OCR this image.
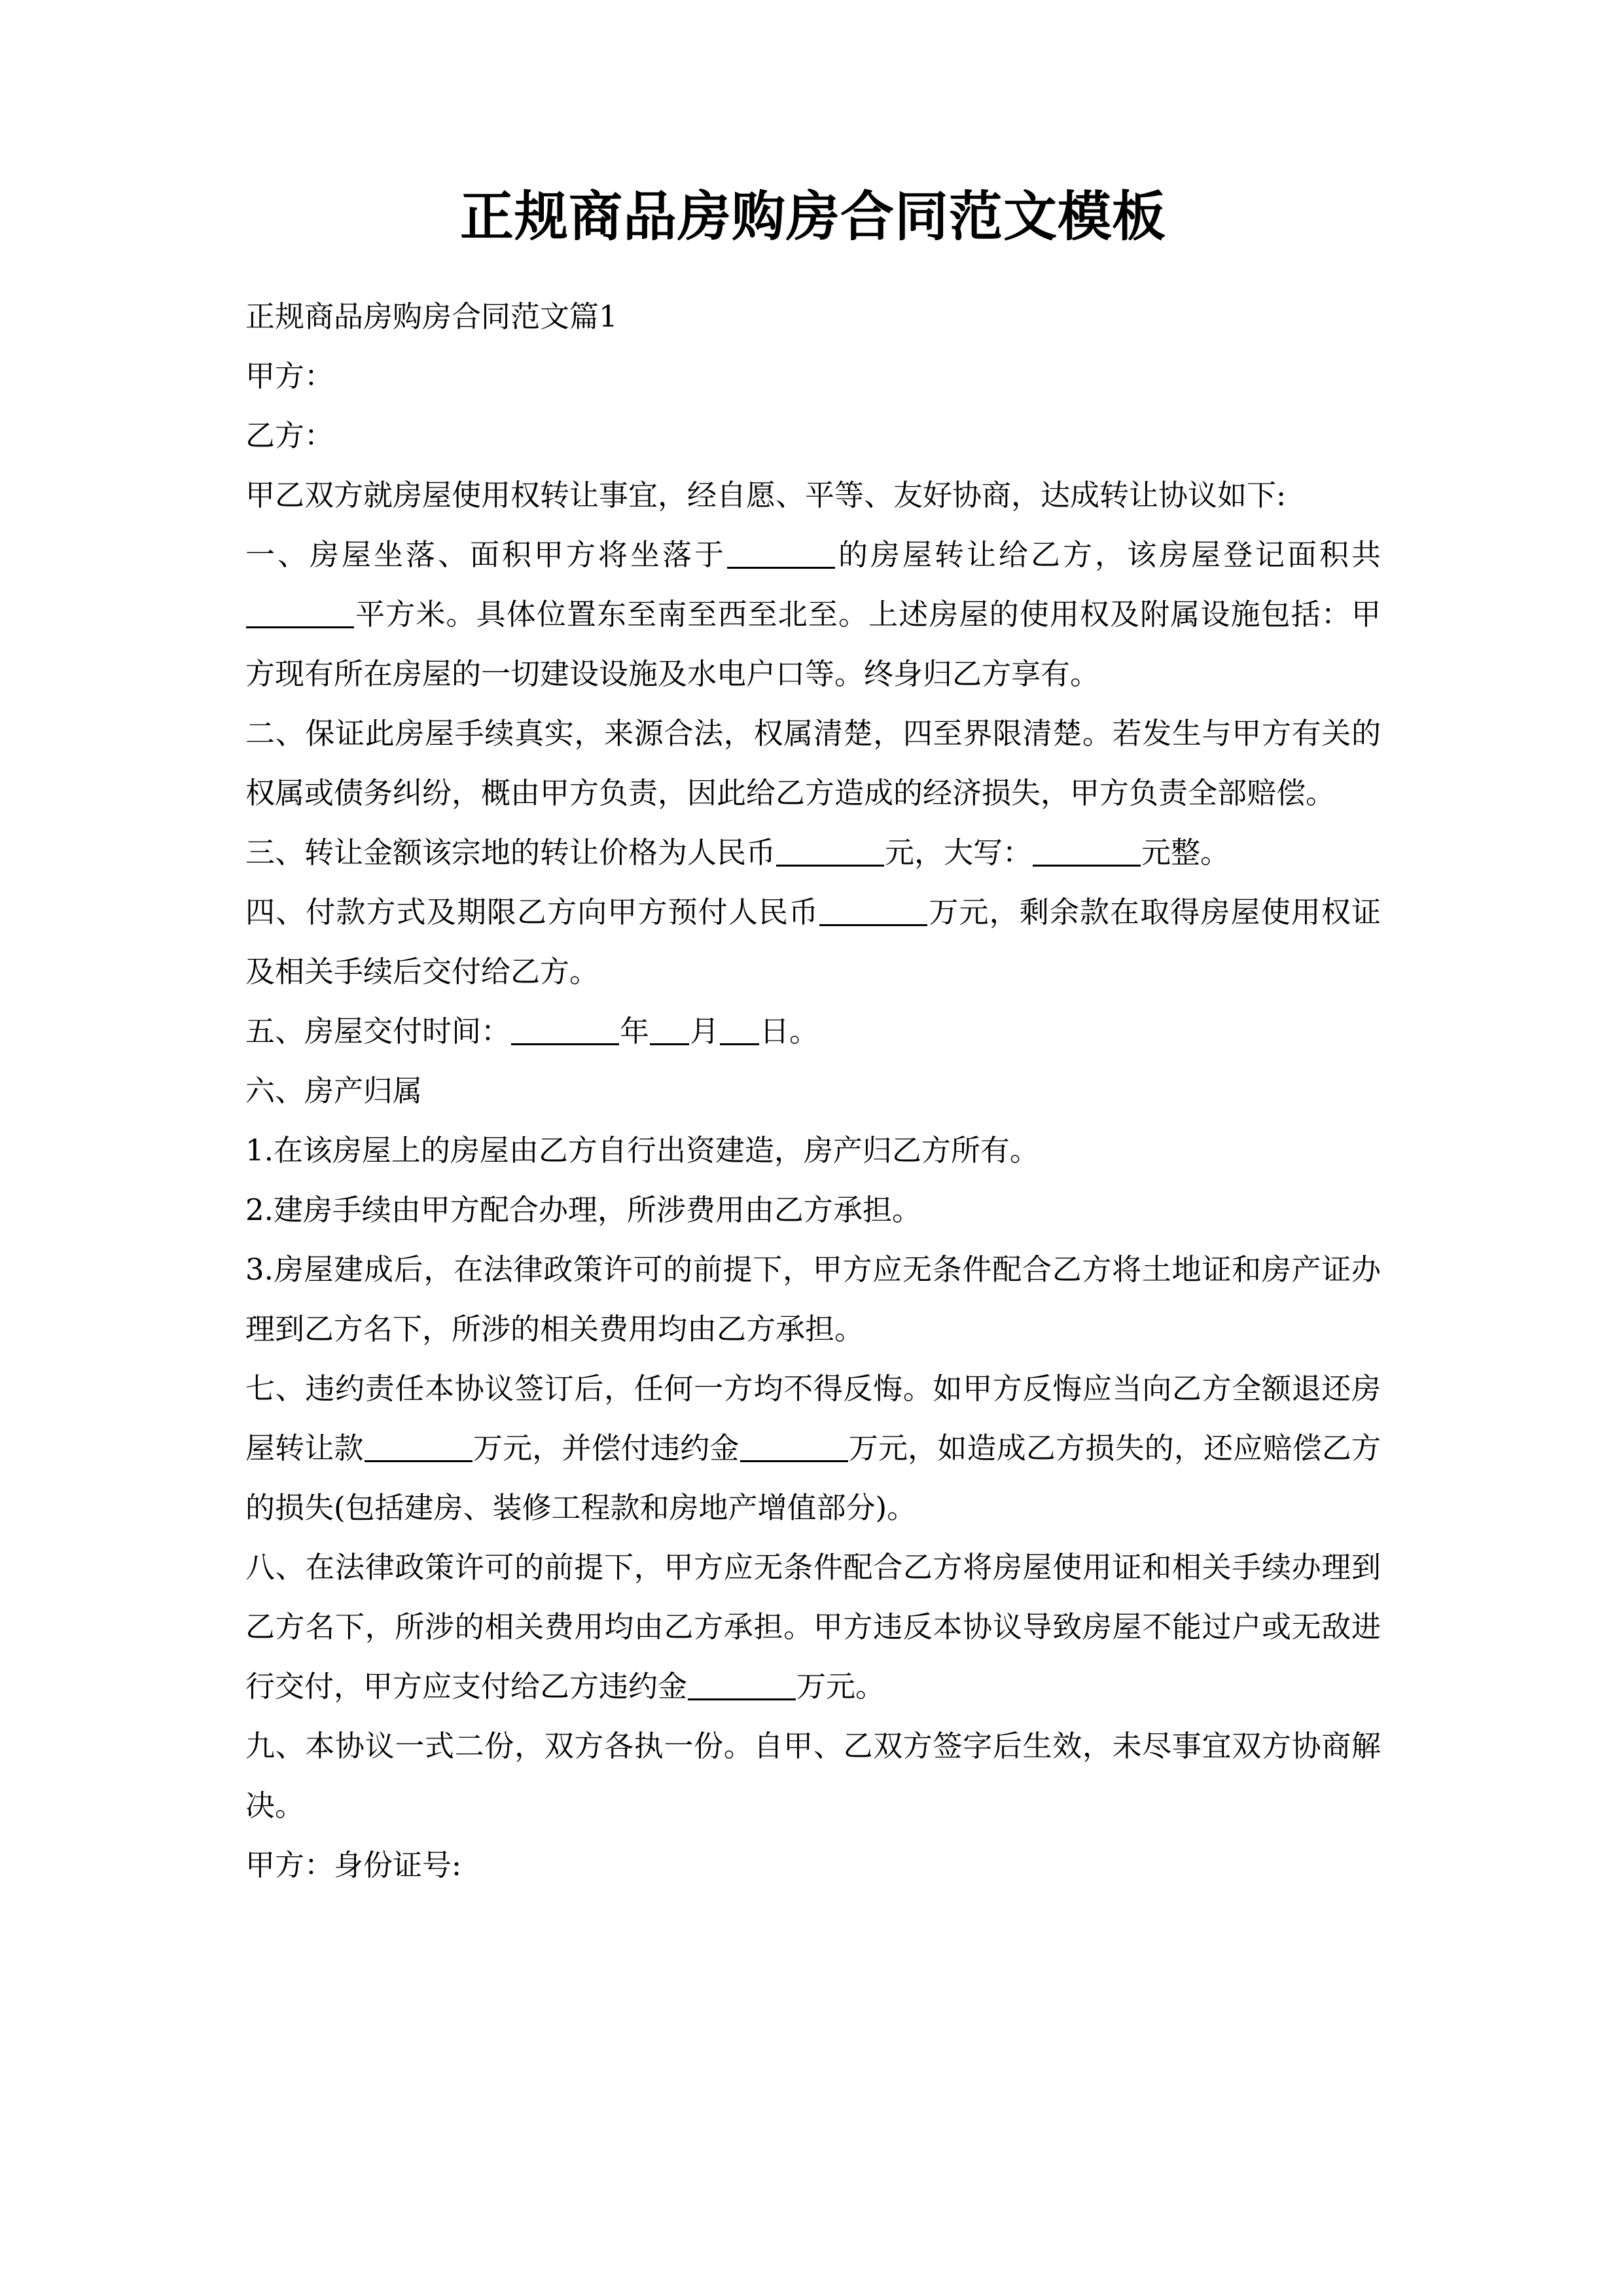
正规商品房购房合同范文模板

正规商品房购房合同范文篇1

甲方：

乙方：

甲乙双方就房屋使用权转让事宜，经自愿、平等、友好协商，达成转让协议如下:

一、房屋坐落、面积甲方将坐落于	的房屋转让给乙方，该房屋登记面积共平方米。具体位置东至南至西至北至。上述房屋的使用权及附属设施包括：甲方现有所在房屋的一切建设设施及水电户口等。终身归乙方享有。

二、保证此房屋手续真实，来源合法，权属清楚，四至界限清楚。若发生与甲方有关的权属或债务纠纷，概由甲方负责，因此给乙方造成的经济损失，甲方负责全部赔偿。

三、转让金额该宗地的转让价格为人民币	元，大写：	元整。

四、付款方式及期限乙方向甲方预付人民币	万元，剩余款在取得房屋使用权证及相关手续后交付给乙方。

五、房屋交付时间：	年 月 日。

六、房产归属

1.在该房屋上的房屋由乙方自行出资建造，房产归乙方所有。

2.建房手续由甲方配合办理，所涉费用由乙方承担。

3.房屋建成后，在法律政策许可的前提下，甲方应无条件配合乙方将土地证和房产证办理到乙方名下，所涉的相关费用均由乙方承担。

七、违约责任本协议签订后，任何一方均不得反悔。如甲方反悔应当向乙方全额退还房屋转让款	万元，并偿付违约金	万元，如造成乙方损失的，还应赔偿乙方的损失(包括建房、装修工程款和房地产增值部分)。

八、在法律政策许可的前提下，甲方应无条件配合乙方将房屋使用证和相关手续办理到乙方名下，所涉的相关费用均由乙方承担。甲方违反本协议导致房屋不能过户或无敌进行交付，甲方应支付给乙方违约金	万元。

九、本协议一式二份，双方各执一份。自甲、乙双方签字后生效，未尽事宜双方协商解决。

甲方：身份证号:
